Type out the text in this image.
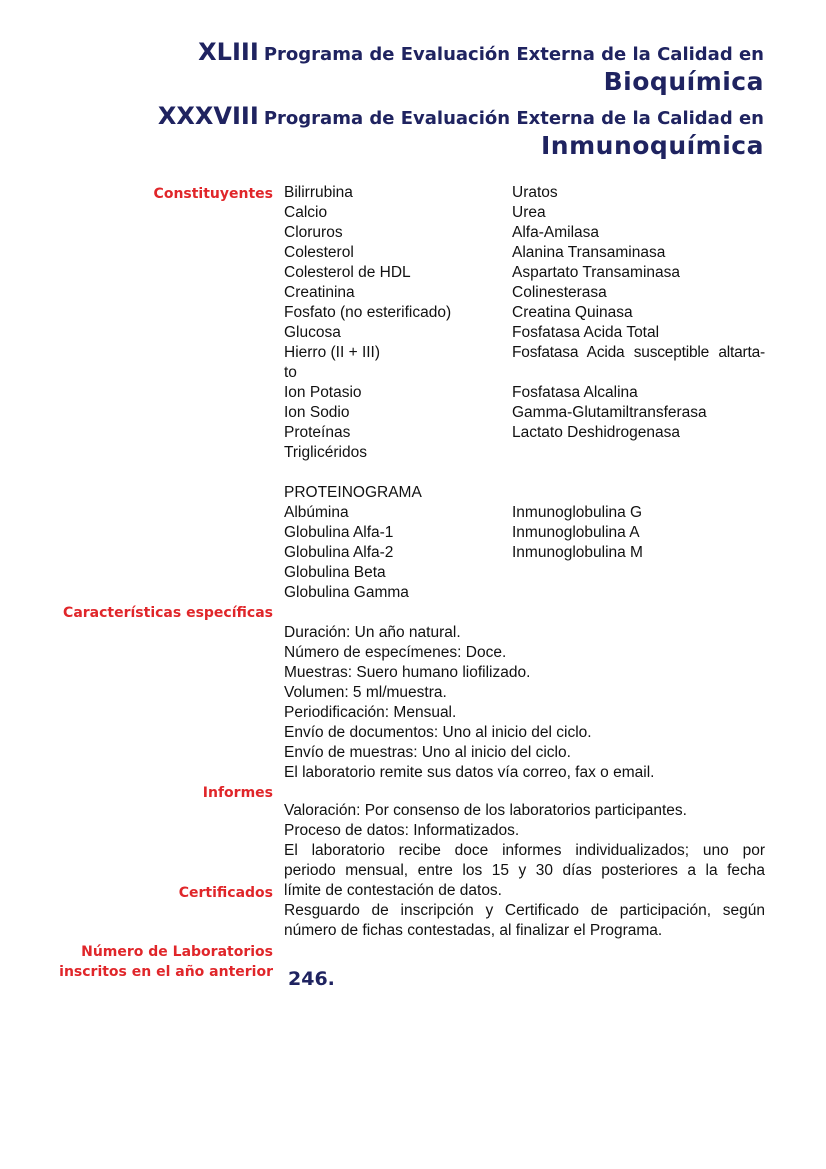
XLIII Programa de Evaluación Externa de la Calidad en
Bioquímica
XXXVIII Programa de Evaluación Externa de la Calidad en
Inmunoquímica
Constituyentes
Características específicas
Informes
Certificados
Número de Laboratorios
inscritos en el año anterior
Bilirrubina
Calcio
Cloruros
Colesterol
Colesterol de HDL
Creatinina
Fosfato (no esterificado)
Glucosa
Hierro (II + III)
to
Ion Potasio
Ion Sodio
Proteínas
Triglicéridos
Uratos
Urea
Alfa-Amilasa
Alanina Transaminasa
Aspartato Transaminasa
Colinesterasa
Creatina Quinasa
Fosfatasa Acida Total
Fosfatasa Acida susceptible altarta-
Fosfatasa Alcalina
Gamma-Glutamiltransferasa
Lactato Deshidrogenasa
PROTEINOGRAMA
Albúmina
Globulina Alfa-1
Globulina Alfa-2
Globulina Beta
Globulina Gamma
Inmunoglobulina G
Inmunoglobulina A
Inmunoglobulina M
Duración: Un año natural.
Número de especímenes: Doce.
Muestras: Suero humano liofilizado.
Volumen: 5 ml/muestra.
Periodificación: Mensual.
Envío de documentos: Uno al inicio del ciclo.
Envío de muestras: Uno al inicio del ciclo.
El laboratorio remite sus datos vía correo, fax o email.
Valoración: Por consenso de los laboratorios participantes.
Proceso de datos: Informatizados.
El laboratorio recibe doce informes individualizados; uno por
periodo mensual, entre los 15 y 30 días posteriores a la fecha
límite de contestación de datos.
Resguardo de inscripción y Certificado de participación, según
número de fichas contestadas, al finalizar el Programa.
246.
